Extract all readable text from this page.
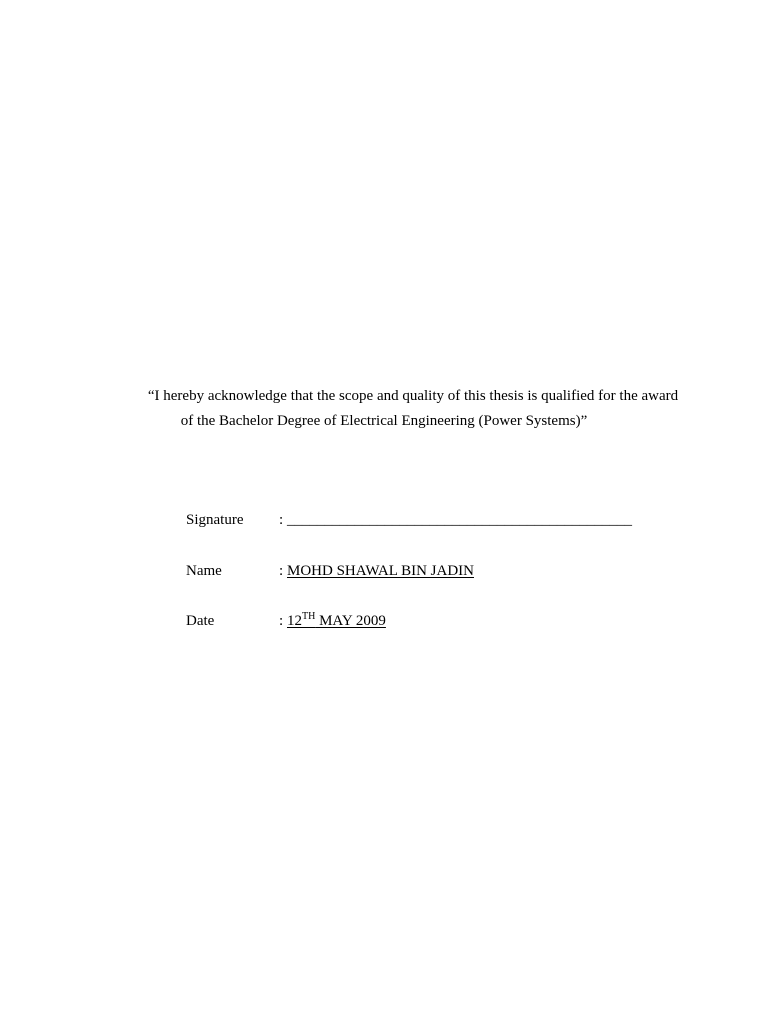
“I hereby acknowledge that the scope and quality of this thesis is qualified for the award
of the Bachelor Degree of Electrical Engineering (Power Systems)”
Signature : ______________________________________________
Name	: MOHD SHAWAL BIN JADIN
Date	: 12TH MAY 2009
